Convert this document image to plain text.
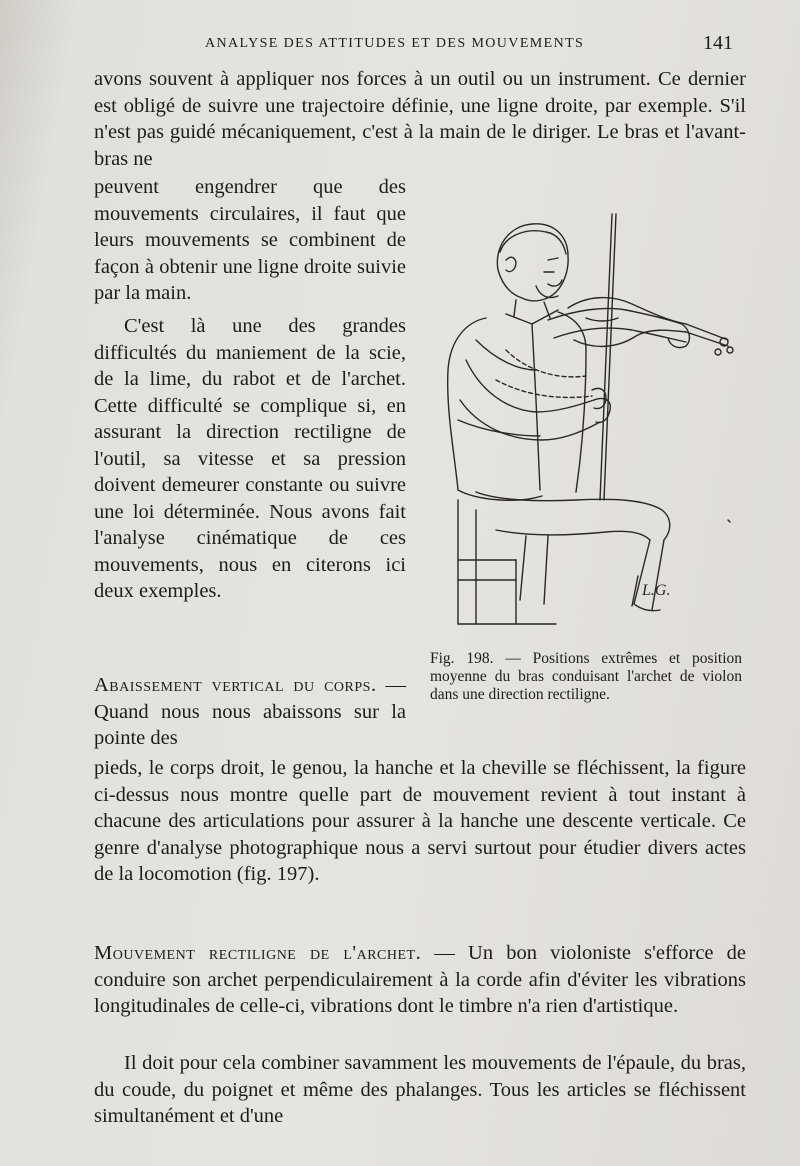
ANALYSE DES ATTITUDES ET DES MOUVEMENTS	141

avons souvent à appliquer nos forces à un outil ou un instrument. Ce dernier est obligé de suivre une trajectoire définie, une ligne droite, par exemple. S'il n'est pas guidé mécaniquement, c'est à la main de le diriger. Le bras et l'avant-bras ne

peuvent engendrer que des mouvements circulaires, il faut que leurs mouvements se combinent de façon à obtenir une ligne droite suivie par la main.

C'est là une des grandes difficultés du maniement de la scie, de la lime, du rabot et de l'archet. Cette difficulté se complique si, en assurant la direction rectiligne de l'outil, sa vitesse et sa pression doivent demeurer constante ou suivre une loi déterminée. Nous avons fait l'analyse cinématique de ces mouvements, nous en citerons ici deux exemples.

Abaissement vertical du corps. — Quand nous nous abaissons sur la pointe des

pieds, le corps droit, le genou, la hanche et la cheville se fléchissent, la figure ci-dessus nous montre quelle part de mouvement revient à tout instant à chacune des articulations pour assurer à la hanche une descente verticale. Ce genre d'analyse photographique nous a servi surtout pour étudier divers actes de la locomotion (fig. 197).

Mouvement rectiligne de l'archet. — Un bon violoniste s'efforce de conduire son archet perpendiculairement à la corde afin d'éviter les vibrations longitudinales de celle-ci, vibrations dont le timbre n'a rien d'artistique.

Il doit pour cela combiner savamment les mouvements de l'épaule, du bras, du coude, du poignet et même des phalanges. Tous les articles se fléchissent simultanément et d'une

L.G.
Fig. 198. — Positions extrêmes et position moyenne du bras conduisant l'archet de violon dans une direction rectiligne.
